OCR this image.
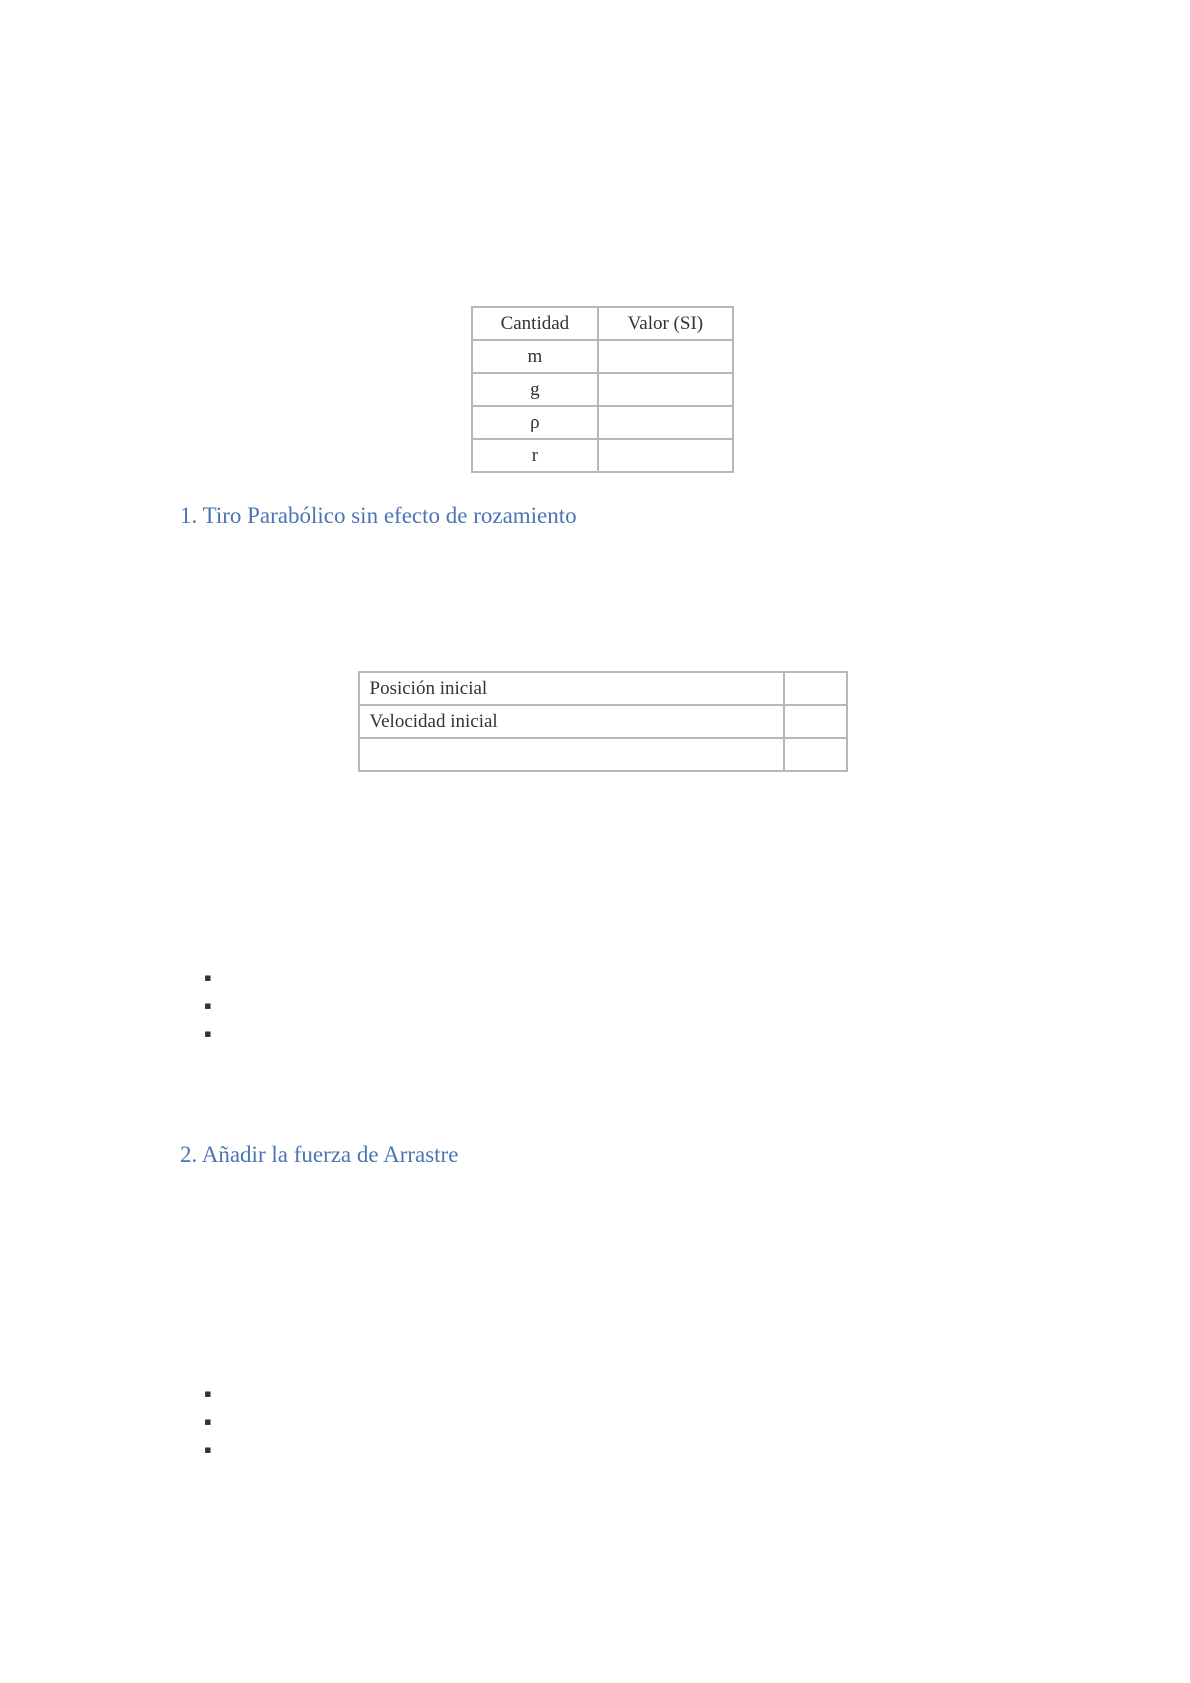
Cantidad	Valor (SI)
m	
g	
ρ	
r	
1. Tiro Parabólico sin efecto de rozamiento

Posición inicial	
Velocidad inicial	

▪
▪
▪
2. Añadir la fuerza de Arrastre

▪
▪
▪
